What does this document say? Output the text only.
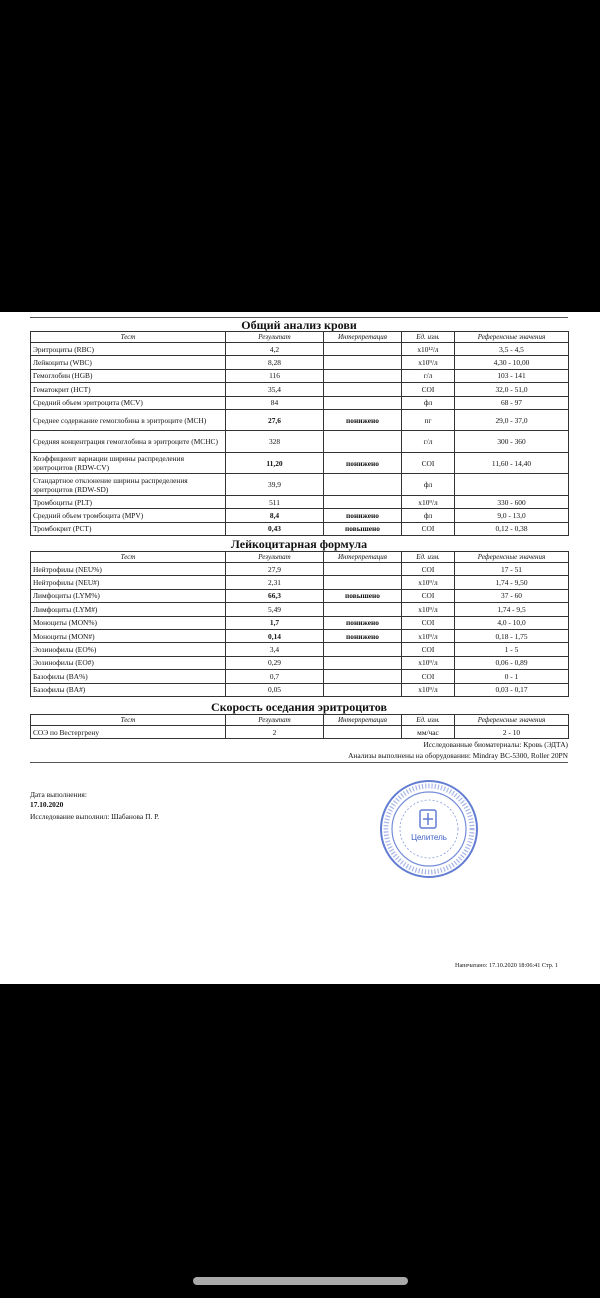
Общий анализ крови
Тест	Результат	Интерпретация	Ед. изм.	Референсные значения
Эритроциты (RBC)	4,2		x10¹²/л	3,5 - 4,5
Лейкоциты (WBC)	8,28		x10⁹/л	4,30 - 10,00
Гемоглобин (HGB)	116		г/л	103 - 141
Гематокрит (HCT)	35,4		СОI	32,0 - 51,0
Средний объем эритроцита (MCV)	84		фл	68 - 97

Среднее содержание гемоглобина в эритроците (MCH)	27,6	понижено	пг	29,0 - 37,0

Средняя концентрация гемоглобина в эритроците (MCHC)	328		г/л	300 - 360

Коэффициент вариации ширины распределения эритроцитов (RDW-CV)	11,20	понижено	СОI	11,60 - 14,40

Стандартное отклонение ширины распределения эритроцитов (RDW-SD)	39,9		фл	
Тромбоциты (PLT)	511		x10⁹/л	330 - 600
Средний объем тромбоцита (MPV)	8,4	понижено	фл	9,0 - 13,0
Тромбокрит (PCT)	0,43	повышено	СОI	0,12 - 0,38
Лейкоцитарная формула
Тест	Результат	Интерпретация	Ед. изм.	Референсные значения
Нейтрофилы (NEU%)	27,9		СОI	17 - 51
Нейтрофилы (NEU#)	2,31		x10⁹/л	1,74 - 9,50
Лимфоциты (LYM%)	66,3	повышено	СОI	37 - 60
Лимфоциты (LYM#)	5,49		x10⁹/л	1,74 - 9,5
Моноциты (MON%)	1,7	понижено	СОI	4,0 - 10,0
Моноциты (MON#)	0,14	понижено	x10⁹/л	0,18 - 1,75
Эозинофилы (EO%)	3,4		СОI	1 - 5
Эозинофилы (EO#)	0,29		x10⁹/л	0,06 - 0,89
Базофилы (BA%)	0,7		СОI	0 - 1
Базофилы (BA#)	0,05		x10⁹/л	0,03 - 0,17
Скорость оседания эритроцитов
Тест	Результат	Интерпретация	Ед. изм.	Референсные значения
СОЭ по Вестергрену	2		мм/час	2 - 10
Исследованные биоматериалы: Кровь (ЭДТА)
Анализы выполнены на оборудовании: Mindray BC-5300, Roller 20PN
Дата выполнения:
17.10.2020
Исследование выполнил: Шабанова П. Р.
Напечатано: 17.10.2020 18:06:41 Стр. 1
Целитель
